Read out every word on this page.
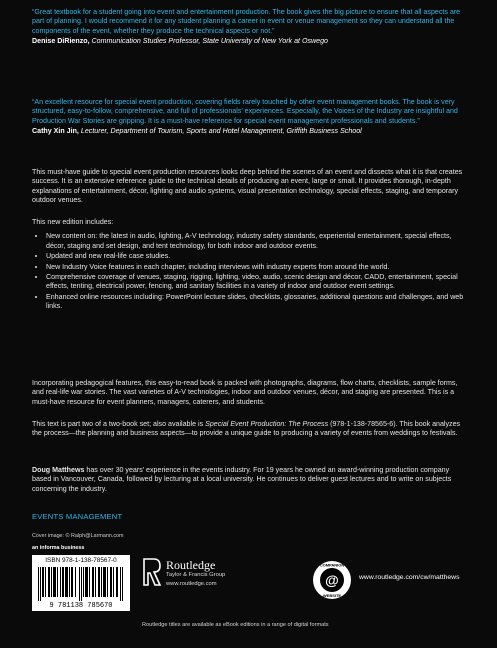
“Great textbook for a student going into event and entertainment production. The book gives the big picture to ensure that all aspects are part of planning. I would recommend it for any student planning a career in event or venue management so they can understand all the components of the event, whether they produce the technical aspects or not.”

Denise DiRienzo, Communication Studies Professor, State University of New York at Oswego

“An excellent resource for special event production, covering fields rarely touched by other event management books. The book is very structured, easy-to-follow, comprehensive, and full of professionals’ experiences. Especially, the Voices of the Industry are insightful and Production War Stories are gripping. It is a must-have reference for special event management professionals and students.”

Cathy Xin Jin, Lecturer, Department of Tourism, Sports and Hotel Management, Griffith Business School

This must-have guide to special event production resources looks deep behind the scenes of an event and dissects what it is that creates success. It is an extensive reference guide to the technical details of producing an event, large or small. It provides thorough, in-depth explanations of entertainment, décor, lighting and audio systems, visual presentation technology, special effects, staging, and temporary outdoor venues.

This new edition includes:

• New content on: the latest in audio, lighting, A-V technology, industry safety standards, experiential entertainment, special effects, décor, staging and set design, and tent technology, for both indoor and outdoor events.
• Updated and new real-life case studies.
• New Industry Voice features in each chapter, including interviews with industry experts from around the world.
• Comprehensive coverage of venues, staging, rigging, lighting, video, audio, scenic design and décor, CADD, entertainment, special effects, tenting, electrical power, fencing, and sanitary facilities in a variety of indoor and outdoor event settings.
• Enhanced online resources including: PowerPoint lecture slides, checklists, glossaries, additional questions and challenges, and web links.

Incorporating pedagogical features, this easy-to-read book is packed with photographs, diagrams, flow charts, checklists, sample forms, and real-life war stories. The vast varieties of A-V technologies, indoor and outdoor venues, décor, and staging are presented. This is a must-have resource for event planners, managers, caterers, and students.

This text is part two of a two-book set; also available is Special Event Production: The Process (978-1-138-78565-6). This book analyzes the process—the planning and business aspects—to provide a unique guide to producing a variety of events from weddings to festivals.

Doug Matthews has over 30 years’ experience in the events industry. For 19 years he owned an award-winning production company based in Vancouver, Canada, followed by lecturing at a local university. He continues to deliver guest lectures and to write on subjects concerning the industry.

EVENTS MANAGEMENT
Cover image: © Ralph@Larmann.com
an informa business
ISBN 978-1-138-78567-0
9 781138 785670
Routledge
Taylor & Francis Group
www.routledge.com	@
COMPANION
WEBSITE
www.routledge.com/cw/matthews
Routledge titles are available as eBook editions in a range of digital formats
